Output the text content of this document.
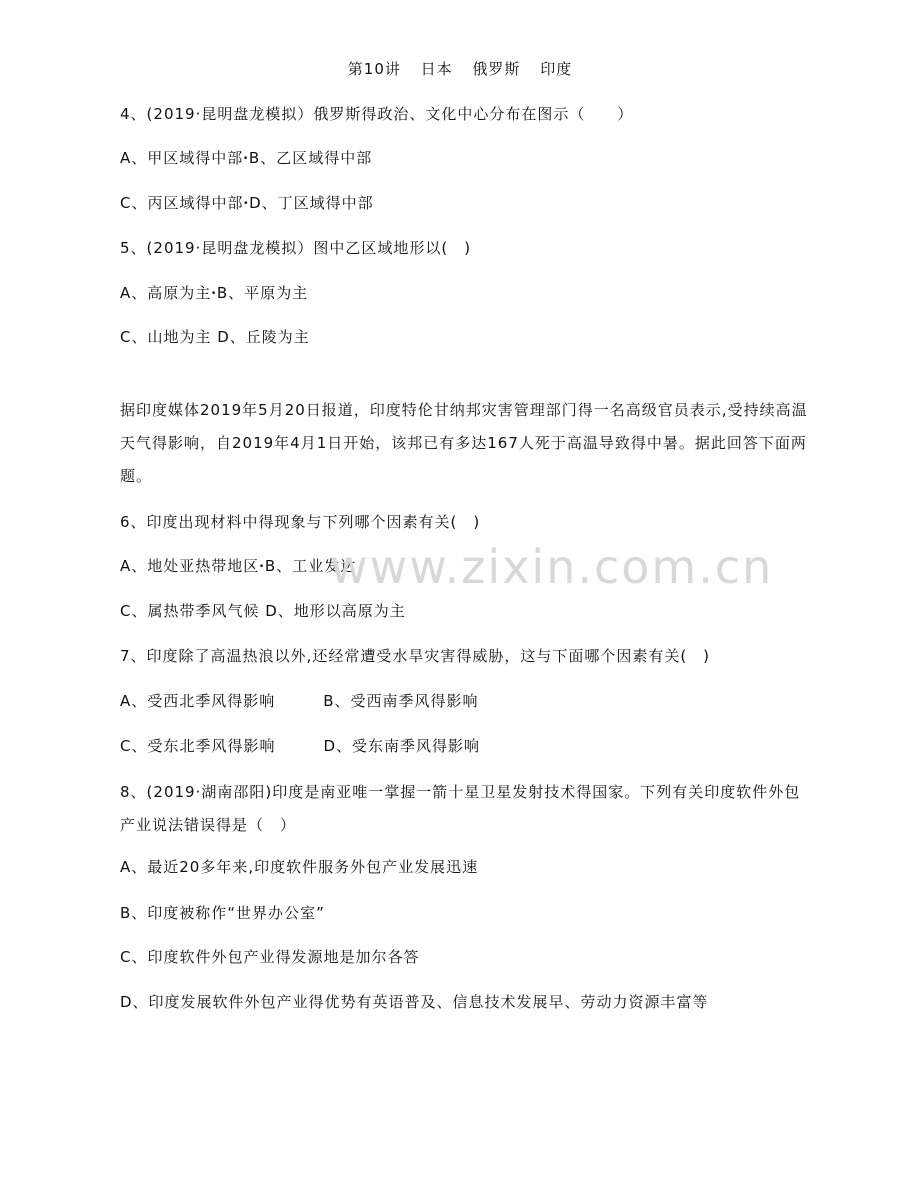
第10讲 日本 俄罗斯 印度
4、(2019·昆明盘龙模拟）俄罗斯得政治、文化中心分布在图示（　　）
A、甲区域得中部ꞏB、乙区域得中部
C、丙区域得中部ꞏD、丁区域得中部
5、(2019·昆明盘龙模拟）图中乙区域地形以(　)
A、高原为主ꞏB、平原为主
C、山地为主 D、丘陵为主
据印度媒体2019年5月20日报道，印度特伦甘纳邦灾害管理部门得一名高级官员表示,受持续高温天气得影响，自2019年4月1日开始，该邦已有多达167人死于高温导致得中暑。据此回答下面两题。
6、印度出现材料中得现象与下列哪个因素有关(　)
A、地处亚热带地区ꞏB、工业发达
C、属热带季风气候 D、地形以高原为主
7、印度除了高温热浪以外,还经常遭受水旱灾害得威胁，这与下面哪个因素有关(　)
A、受西北季风得影响	B、受西南季风得影响
C、受东北季风得影响	D、受东南季风得影响
8、(2019·湖南邵阳)印度是南亚唯一掌握一箭十星卫星发射技术得国家。下列有关印度软件外包产业说法错误得是（　）
A、最近20多年来,印度软件服务外包产业发展迅速
B、印度被称作“世界办公室”
C、印度软件外包产业得发源地是加尔各答
D、印度发展软件外包产业得优势有英语普及、信息技术发展早、劳动力资源丰富等
www.zixin.com.cn
